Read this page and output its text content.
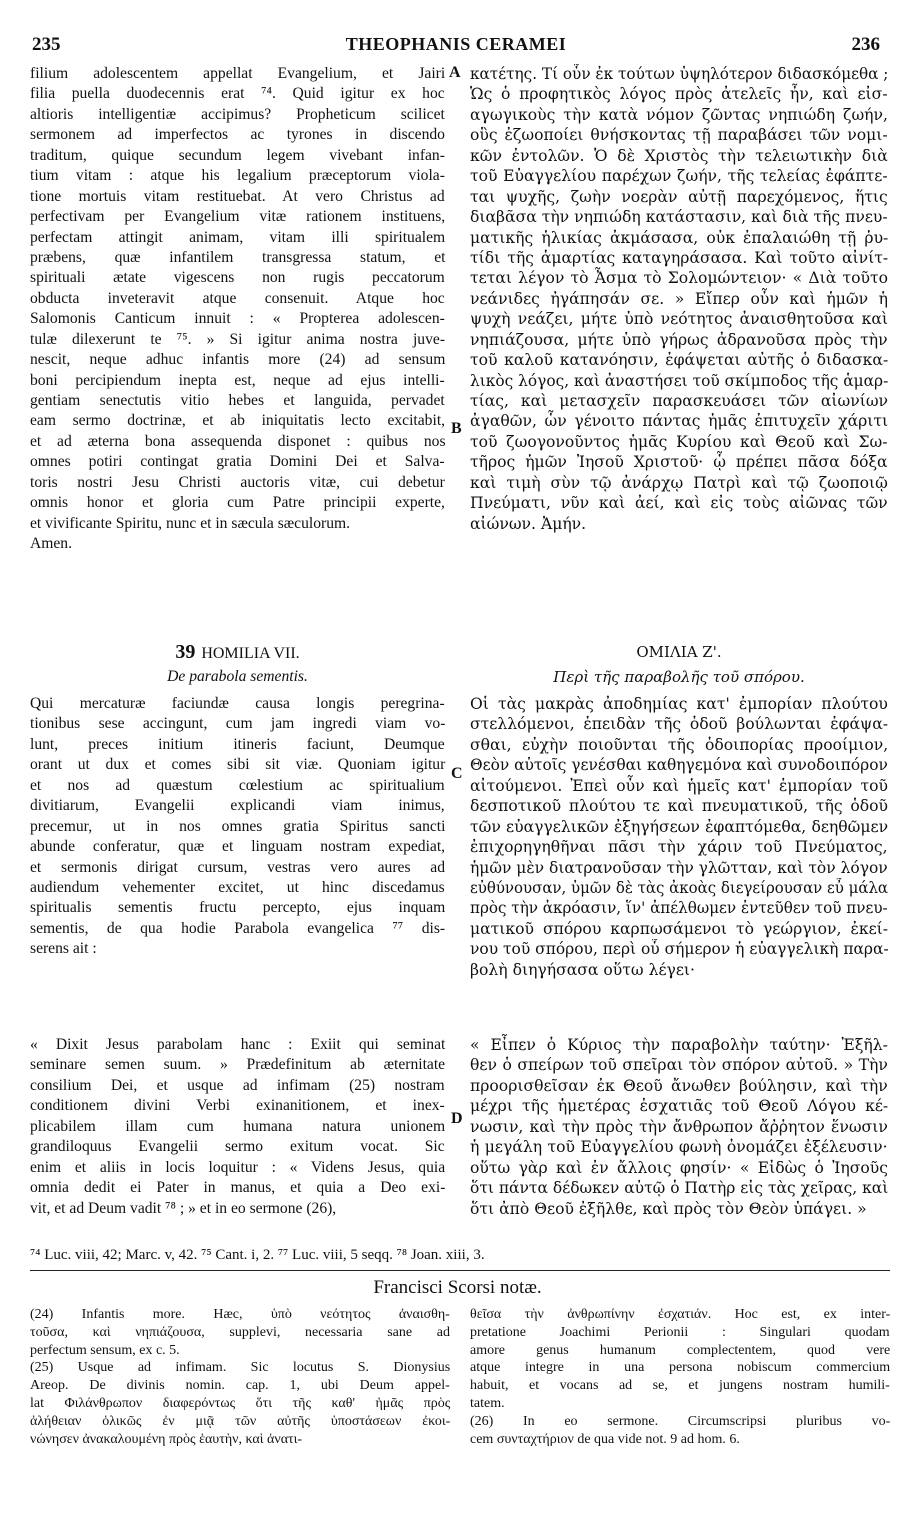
235	THEOPHANIS CERAMEI	236
filium adolescentem appellat Evangelium, et Jairi
filia puella duodecennis erat ⁷⁴. Quid igitur ex hoc
altioris intelligentiæ accipimus? Propheticum scilicet
sermonem ad imperfectos ac tyrones in discendo
traditum, quique secundum legem vivebant infan-
tium vitam : atque his legalium præceptorum viola-
tione mortuis vitam restituebat. At vero Christus ad
perfectivam per Evangelium vitæ rationem instituens,
perfectam attingit animam, vitam illi spiritualem
præbens, quæ infantilem transgressa statum, et
spirituali ætate vigescens non rugis peccatorum
obducta inveteravit atque consenuit. Atque hoc
Salomonis Canticum innuit : « Propterea adolescen-
tulæ dilexerunt te ⁷⁵. » Si igitur anima nostra juve-
nescit, neque adhuc infantis more (24) ad sensum
boni percipiendum inepta est, neque ad ejus intelli-
gentiam senectutis vitio hebes et languida, pervadet
eam sermo doctrinæ, et ab iniquitatis lecto excitabit,
et ad æterna bona assequenda disponet : quibus nos
omnes potiri contingat gratia Domini Dei et Salva-
toris nostri Jesu Christi auctoris vitæ, cui debetur
omnis honor et gloria cum Patre principii experte,
et vivificante Spiritu, nunc et in sæcula sæculorum.
Amen.
κατέτης. Τί οὖν ἐκ τούτων ὑψηλότερον διδασκόμεθα ;
Ὡς ὁ προφητικὸς λόγος πρὸς ἀτελεῖς ἦν, καὶ εἰσ-
αγωγικοὺς τὴν κατὰ νόμον ζῶντας νηπιώδη ζωήν,
οὓς ἐζωοποίει θνήσκοντας τῇ παραβάσει τῶν νομι-
κῶν ἐντολῶν. Ὁ δὲ Χριστὸς τὴν τελειωτικὴν διὰ
τοῦ Εὐαγγελίου παρέχων ζωήν, τῆς τελείας ἐφάπτε-
ται ψυχῆς, ζωὴν νοερὰν αὐτῇ παρεχόμενος, ἥτις
διαβᾶσα τὴν νηπιώδη κατάστασιν, καὶ διὰ τῆς πνευ-
ματικῆς ἡλικίας ἀκμάσασα, οὐκ ἐπαλαιώθη τῇ ῥυ-
τίδι τῆς ἁμαρτίας καταγηράσασα. Καὶ τοῦτο αἰνίτ-
τεται λέγον τὸ Ἆσμα τὸ Σολομώντειον· « Διὰ τοῦτο
νεάνιδες ἠγάπησάν σε. » Εἴπερ οὖν καὶ ἡμῶν ἡ
ψυχὴ νεάζει, μήτε ὑπὸ νεότητος ἀναισθητοῦσα καὶ
νηπιάζουσα, μήτε ὑπὸ γήρως ἀδρανοῦσα πρὸς τὴν
τοῦ καλοῦ κατανόησιν, ἐφάψεται αὐτῆς ὁ διδασκα-
λικὸς λόγος, καὶ ἀναστήσει τοῦ σκίμποδος τῆς ἁμαρ-
τίας, καὶ μετασχεῖν παρασκευάσει τῶν αἰωνίων
ἀγαθῶν, ὧν γένοιτο πάντας ἡμᾶς ἐπιτυχεῖν χάριτι
τοῦ ζωογονοῦντος ἡμᾶς Κυρίου καὶ Θεοῦ καὶ Σω-
τῆρος ἡμῶν Ἰησοῦ Χριστοῦ· ᾧ πρέπει πᾶσα δόξα
καὶ τιμὴ σὺν τῷ ἀνάρχῳ Πατρὶ καὶ τῷ ζωοποιῷ
Πνεύματι, νῦν καὶ ἀεί, καὶ εἰς τοὺς αἰῶνας τῶν
αἰώνων. Ἀμήν.
A
B
C
D
39 HOMILIA VII.
De parabola sementis.
ΟΜΙΛΙΑ Ζ'.
Περὶ τῆς παραβολῆς τοῦ σπόρου.
Qui mercaturæ faciundæ causa longis peregrina-
tionibus sese accingunt, cum jam ingredi viam vo-
lunt, preces initium itineris faciunt, Deumque
orant ut dux et comes sibi sit viæ. Quoniam igitur
et nos ad quæstum cœlestium ac spiritualium
divitiarum, Evangelii explicandi viam inimus,
precemur, ut in nos omnes gratia Spiritus sancti
abunde conferatur, quæ et linguam nostram expediat,
et sermonis dirigat cursum, vestras vero aures ad
audiendum vehementer excitet, ut hinc discedamus
spiritualis sementis fructu percepto, ejus inquam
sementis, de qua hodie Parabola evangelica ⁷⁷ dis-
serens ait :
Οἱ τὰς μακρὰς ἀποδημίας κατ' ἐμπορίαν πλούτου
στελλόμενοι, ἐπειδὰν τῆς ὁδοῦ βούλωνται ἐφάψα-
σθαι, εὐχὴν ποιοῦνται τῆς ὁδοιπορίας προοίμιον,
Θεὸν αὐτοῖς γενέσθαι καθηγεμόνα καὶ συνοδοιπόρον
αἰτούμενοι. Ἐπεὶ οὖν καὶ ἡμεῖς κατ' ἐμπορίαν τοῦ
δεσποτικοῦ πλούτου τε καὶ πνευματικοῦ, τῆς ὁδοῦ
τῶν εὐαγγελικῶν ἐξηγήσεων ἐφαπτόμεθα, δεηθῶμεν
ἐπιχορηγηθῆναι πᾶσι τὴν χάριν τοῦ Πνεύματος,
ἡμῶν μὲν διατρανοῦσαν τὴν γλῶτταν, καὶ τὸν λόγον
εὐθύνουσαν, ὑμῶν δὲ τὰς ἀκοὰς διεγείρουσαν εὖ μάλα
πρὸς τὴν ἀκρόασιν, ἵν' ἀπέλθωμεν ἐντεῦθεν τοῦ πνευ-
ματικοῦ σπόρου καρπωσάμενοι τὸ γεώργιον, ἐκεί-
νου τοῦ σπόρου, περὶ οὗ σήμερον ἡ εὐαγγελικὴ παρα-
βολὴ διηγήσασα οὕτω λέγει·
« Dixit Jesus parabolam hanc : Exiit qui seminat
seminare semen suum. » Prædefinitum ab æternitate
consilium Dei, et usque ad infimam (25) nostram
conditionem divini Verbi exinanitionem, et inex-
plicabilem illam cum humana natura unionem
grandiloquus Evangelii sermo exitum vocat. Sic
enim et aliis in locis loquitur : « Videns Jesus, quia
omnia dedit ei Pater in manus, et quia a Deo exi-
vit, et ad Deum vadit ⁷⁸ ; » et in eo sermone (26),
« Εἶπεν ὁ Κύριος τὴν παραβολὴν ταύτην· Ἐξῆλ-
θεν ὁ σπείρων τοῦ σπεῖραι τὸν σπόρον αὐτοῦ. » Τὴν
προορισθεῖσαν ἐκ Θεοῦ ἄνωθεν βούλησιν, καὶ τὴν
μέχρι τῆς ἡμετέρας ἐσχατιᾶς τοῦ Θεοῦ Λόγου κέ-
νωσιν, καὶ τὴν πρὸς τὴν ἄνθρωπον ἄῤῥητον ἕνωσιν
ἡ μεγάλη τοῦ Εὐαγγελίου φωνὴ ὀνομάζει ἐξέλευσιν·
οὕτω γὰρ καὶ ἐν ἄλλοις φησίν· « Εἰδὼς ὁ Ἰησοῦς
ὅτι πάντα δέδωκεν αὐτῷ ὁ Πατὴρ εἰς τὰς χεῖρας, καὶ
ὅτι ἀπὸ Θεοῦ ἐξῆλθε, καὶ πρὸς τὸν Θεὸν ὑπάγει. »
⁷⁴ Luc. viii, 42; Marc. v, 42. ⁷⁵ Cant. i, 2. ⁷⁷ Luc. viii, 5 seqq. ⁷⁸ Joan. xiii, 3.
Francisci Scorsi notæ.
(24) Infantis more. Hæc, ὑπὸ νεότητος ἀναισθη-
τοῦσα, καὶ νηπιάζουσα, supplevi, necessaria sane ad
perfectum sensum, ex c. 5.
(25) Usque ad infimam. Sic locutus S. Dionysius
Areop. De divinis nomin. cap. 1, ubi Deum appel-
lat Φιλάνθρωπον διαφερόντως ὅτι τῆς καθ' ἡμᾶς πρὸς
ἀλήθειαν ὁλικῶς ἐν μιᾷ τῶν αὐτῆς ὑποστάσεων ἐκοι-
νώνησεν ἀνακαλουμένη πρὸς ἑαυτὴν, καὶ ἀνατι-
θεῖσα τὴν ἀνθρωπίνην ἐσχατιάν. Hoc est, ex inter-
pretatione Joachimi Perionii : Singulari quodam
amore genus humanum complectentem, quod vere
atque integre in una persona nobiscum commercium
habuit, et vocans ad se, et jungens nostram humili-
tatem.
(26) In eo sermone. Circumscripsi pluribus vo-
cem συνταχτήριον de qua vide not. 9 ad hom. 6.
